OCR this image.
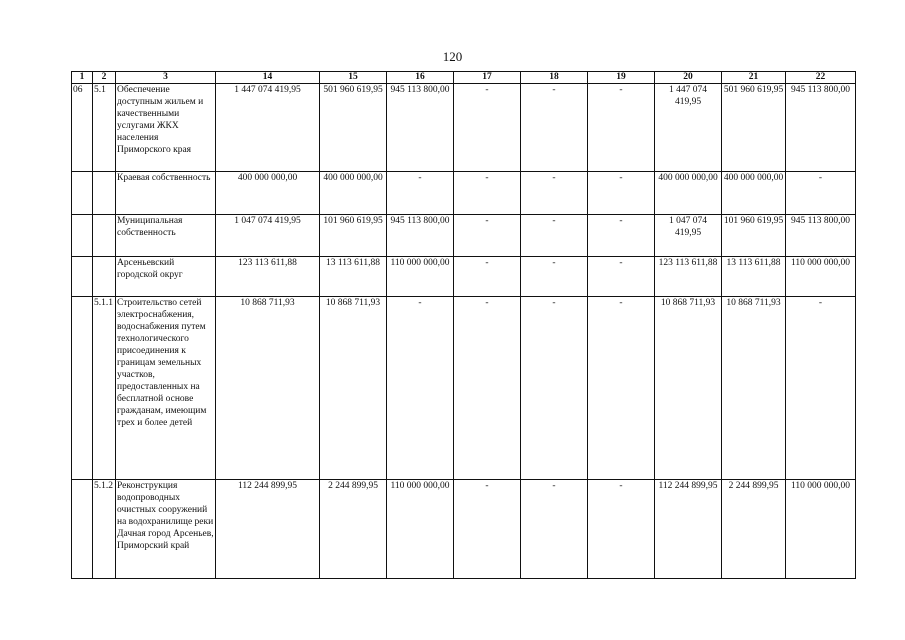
120
1	2	3	14	15	16	17	18	19	20	21	22
06	5.1	Обеспечение доступным жильем и качественными услугами ЖКХ населения Приморского края	1 447 074 419,95	501 960 619,95	945 113 800,00	-	-	-	1 447 074 419,95	501 960 619,95	945 113 800,00
		Краевая собственность	400 000 000,00	400 000 000,00	-	-	-	-	400 000 000,00	400 000 000,00	-
		Муниципальная собственность	1 047 074 419,95	101 960 619,95	945 113 800,00	-	-	-	1 047 074 419,95	101 960 619,95	945 113 800,00
		Арсеньевский городской округ	123 113 611,88	13 113 611,88	110 000 000,00	-	-	-	123 113 611,88	13 113 611,88	110 000 000,00
	5.1.1	Строительство сетей электроснабжения, водоснабжения путем технологического присоединения к границам земельных участков, предоставленных на бесплатной основе гражданам, имеющим трех и более детей	10 868 711,93	10 868 711,93	-	-	-	-	10 868 711,93	10 868 711,93	-
	5.1.2	Реконструкция водопроводных очистных сооружений на водохранилище реки Дачная город Арсеньев, Приморский край	112 244 899,95	2 244 899,95	110 000 000,00	-	-	-	112 244 899,95	2 244 899,95	110 000 000,00
